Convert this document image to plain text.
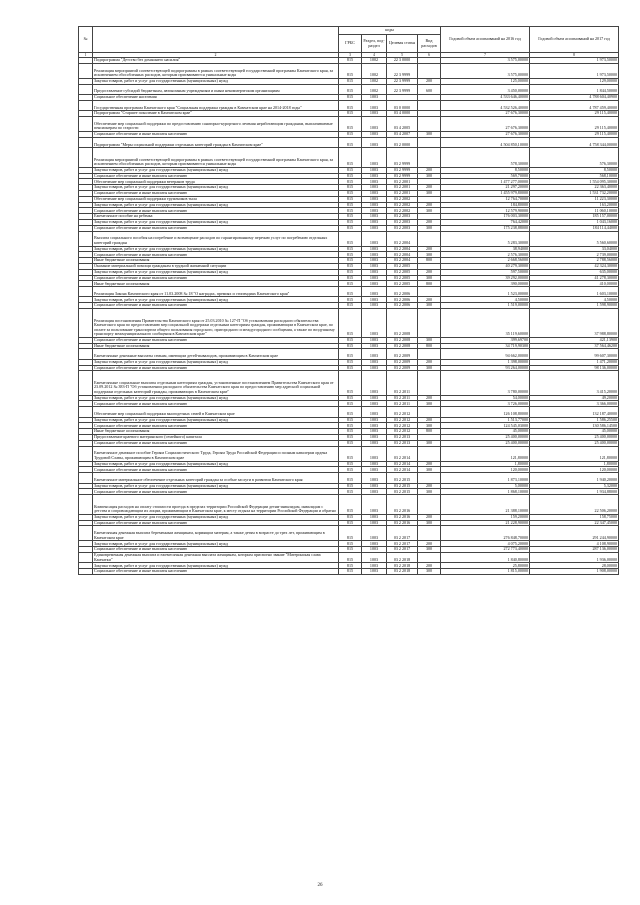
№		коды				Годовой объем ассигнований на 2016 год	Годовой объем ассигнований на 2017 год
		ГРБС	Раздел, под-раздел	Целевая статья	Вид расходов		
1	2	3	4	5	6	7	8
	Подпрограмма "Детство без домашнего насилия"	815	1002	22 3 0000		3 575,00000	1 973,50000
	Реализация мероприятий соответствующей подпрограммы в рамках соответствующей государственной программы Камчатского края, за исключением обособленных расходов, которым присваиваются уникальные коды	815	1002	22 3 9999		3 575,00000	1 973,50000
	Закупка товаров, работ и услуг для государственных (муниципальных) нужд	815	1002	22 3 9999	200	125,00000	129,00000
	Предоставление субсидий бюджетным, автономным учреждениям и иным некоммерческим организациям	815	1002	22 3 9999	600	3 450,00000	1 844,50000
	Социальное обеспечение населения	815	1003			4 533 646,40000	4 788 604,40900
	Государственная программа Камчатского края "Социальная поддержка граждан в Камчатском крае на 2014-2018 годы"	815	1003	03 0 0000		4 532 526,40000	4 787 459,40000
	Подпрограмма "Старшее поколение в Камчатском крае"	815	1003	03 4 0000		27 676,30000	29 115,40000
	Обеспечение мер социальной поддержки по предоставлению санаторно-курортного лечения неработающим гражданам, выплачиваемые пенсионерам по старости	815	1003	03 4 2005		27 676,30000	29 115,40000
	Социальное обеспечение и иные выплаты населению	815	1003	03 4 2007	300	27 676,30000	29 115,40000
	Подпрограмма "Меры социальной поддержки отдельных категорий граждан в Камчатском крае"	815	1003	03 2 0000		4 504 850,10000	4 758 344,00000
	Реализация мероприятий соответствующей подпрограммы в рамках соответствующей государственной программы Камчатского края, за исключением обособленных расходов, которым присваиваются уникальные коды	815	1003	03 2 9999		578,30000	576,30000
	Закупка товаров, работ и услуг для государственных (муниципальных) нужд	815	1003	03 2 9999	200	8,50000	8,50000
	Социальное обеспечение и иные выплаты населению	815	1003	03 2 9999	300	569,70000	568,10000
	Обеспечение мер социальной поддержки ветеранов труда	815	1003	03 2 2001		1 477 277,00000	1 554 095,30000
	Закупка товаров, работ и услуг для государственных (муниципальных) нужд	815	1003	03 2 2001	200	21 297,20000	22 363,40000
	Социальное обеспечение и иные выплаты населению	815	1003	03 2 2001	300	1 455 979,80000	1 531 732,20000
	Обеспечение мер социальной поддержки тружеников тыла	815	1003	03 2 2002		12 764,70000	11 223,30000
	Закупка товаров, работ и услуг для государственных (муниципальных) нужд	815	1003	03 2 2002	200	184,80000	163,20000
	Социальное обеспечение и иные выплаты населению	815	1003	03 2 2002	300	12 579,90000	11 060,10000
	Ежемесячное пособие на ребенка	815	1003	03 2 2003		176 003,30000	185 157,00000
	Закупка товаров, работ и услуг для государственных (муниципальных) нужд	815	1003	03 2 2003	200	764,42000	1 043,16000
	Социальное обеспечение и иные выплаты населению	815	1003	03 2 2003	300	175 238,88000	184 114,44000
	Выплата социального пособия на погребение и возмещение расходов по гарантированному перечню услуг по погребению отдельных категорий граждан	815	1003	03 2 2004		5 283,30000	5 560,60000
	Закупка товаров, работ и услуг для государственных (муниципальных) нужд	815	1003	03 2 2004	200	38,94000	33,04000
	Социальное обеспечение и иные выплаты населению	815	1003	03 2 2004	300	2 576,30000	2 739,00000
	Иные бюджетные ассигнования	815	1003	03 2 2004	800	2 668,56000	2 788,56000
	Оказание материальной помощи гражданам в трудной жизненной ситуации	815	1003	03 2 2005		40 279,30000	42 324,30000
	Закупка товаров, работ и услуг для государственных (муниципальных) нужд	815	1003	03 2 2005	200	597,50000	635,00000
	Социальное обеспечение и иные выплаты населению	815	1003	03 2 2005	300	39 292,00000	41 278,30000
	Иные бюджетные ассигнования	815	1003	03 2 2005	800	390,00000	410,00000
	Реализация Закона Камчатского края от 11.03.2008 № 18 "О наградах, премиях и стипендиях Камчатского края"	815	1003	03 2 2006		1 523,00000	1 603,10000
	Закупка товаров, работ и услуг для государственных (муниципальных) нужд	815	1003	03 2 2006	200	4,50000	4,50000
	Социальное обеспечение и иные выплаты населению	815	1003	03 2 2006	300	1 519,00000	1 598,90000
	Реализация постановления Правительства Камчатского края от 25.03.2010 № 127-П "Об установлении расходного обязательства Камчатского края по предоставлению мер социальной поддержки отдельным категориям граждан, проживающим в Камчатском крае, по оплате за пользование транспортом общего пользования городского, пригородного и междугородного сообщения, а также по воздушному транспорту межмуниципального сообщения в Камчатском крае"	815	1003	03 2 2008		35 119,60000	37 988,80000
	Социальное обеспечение и иные выплаты населению	815	1003	03 2 2008	300	399,69700	421,13900
	Иные бюджетные ассигнования	815	1003	03 2 2008	800	34 719,90300	37 564,46200
	Ежемесячные денежные выплаты семьям, имеющим детей-инвалидов, проживающим в Камчатском крае	815	1003	03 2 2009		94 662,00000	99 607,30000
	Закупка товаров, работ и услуг для государственных (муниципальных) нужд	815	1003	03 2 2009	200	1 398,00000	1 471,20000
	Социальное обеспечение и иные выплаты населению	815	1003	03 2 2009	300	93 264,00000	98 136,00000
	Ежемесячные социальные выплаты отдельным категориям граждан, установленные постановлением Правительства Камчатского края от 23.09.2012 № 383-П "Об установлении расходного обязательства Камчатского края по предоставлению мер адресной социальной поддержки отдельных категорий граждан, проживающих в Камчатском крае"	815	1003	03 2 2011		3 780,00000	3 415,20000
	Закупка товаров, работ и услуг для государственных (муниципальных) нужд	815	1003	03 2 2011	200	54,00000	49,20000
	Социальное обеспечение и иные выплаты населению	815	1003	03 2 2011	300	3 726,00000	3 366,00000
	Обеспечение мер социальной поддержки многодетных семей в Камчатском крае	815	1003	03 2 2012		126 108,80000	132 187,40000
	Закупка товаров, работ и услуг для государственных (муниципальных) нужд	815	1003	03 2 2012	200	1 513,77000	1 586,25500
	Социальное обеспечение и иные выплаты населению	815	1003	03 2 2012	300	124 545,03000	130 586,14500
	Иные бюджетные ассигнования	815	1003	03 2 2012	800	45,00000	45,00000
	Предоставление краевого материнского (семейного) капитала	815	1003	03 2 2013		25 400,00000	25 400,00000
	Социальное обеспечение и иные выплаты населению	815	1003	03 2 2013	300	25 400,00000	25 400,00000
	Ежемесячное денежное пособие Героям Социалистического Труда, Героям Труда Российской Федерации и полным кавалерам ордена Трудовой Славы, проживающим в Камчатском крае	815	1003	03 2 2014		121,80000	121,80000
	Закупка товаров, работ и услуг для государственных (муниципальных) нужд	815	1003	03 2 2014	200	1,80000	1,80000
	Социальное обеспечение и иные выплаты населению	815	1003	03 2 2014	300	120,00000	120,00000
	Ежемесячное материальное обеспечение отдельных категорий граждан за особые заслуги в развитии Камчатского края	815	1003	03 2 2015		1 873,10000	1 940,20000
	Закупка товаров, работ и услуг для государственных (муниципальных) нужд	815	1003	03 2 2015	200	5,00000	5,32000
	Социальное обеспечение и иные выплаты населению	815	1003	03 2 2015	300	1 868,10000	1 934,88000
	Компенсация расходов на оплату стоимости проезда в пределах территории Российской Федерации детям-инвалидам, инвалидам с детства и сопровождающим их лицам, проживающим в Камчатском крае, к месту отдыха на территории Российской Федерации и обратно	815	1003	03 2 2016		21 388,10000	22 506,20000
	Закупка товаров, работ и услуг для государственных (муниципальных) нужд	815	1003	03 2 2016	200	159,20000	158,75000
	Социальное обеспечение и иные выплаты населению	815	1003	03 2 2016	300	21 228,90000	22 347,45000
	Ежемесячная денежная выплата беременным женщинам, кормящим матерям, а также детям в возрасте до трех лет, проживающим в Камчатском крае	815	1003	03 2 2017		276 848,70000	291 244,90000
	Закупка товаров, работ и услуг для государственных (муниципальных) нужд	815	1003	03 2 2017	200	4 075,20000	4 108,90000
	Социальное обеспечение и иные выплаты населению	815	1003	03 2 2017	300	272 773,40000	287 136,00000
	Единовременная денежная выплата и ежемесячная денежная выплата женщинам, которым присвоено звание "Материнская слава Камчатки"	815	1003	03 2 2018		1 840,80000	1 936,00000
	Закупка товаров, работ и услуг для государственных (муниципальных) нужд	815	1003	03 2 2018	200	25,80000	28,00000
	Социальное обеспечение и иные выплаты населению	815	1003	03 2 2018	300	1 815,00000	1 908,00000
26
